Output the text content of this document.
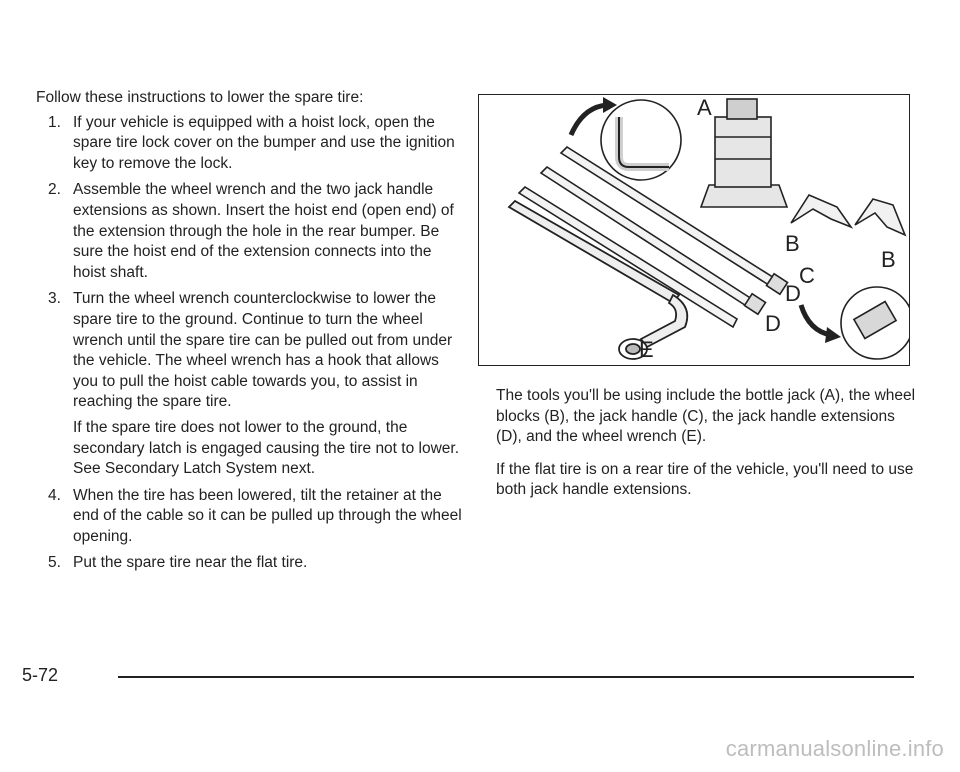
Follow these instructions to lower the spare tire:

1. If your vehicle is equipped with a hoist lock, open the spare tire lock cover on the bumper and use the ignition key to remove the lock.
2. Assemble the wheel wrench and the two jack handle extensions as shown. Insert the hoist end (open end) of the extension through the hole in the rear bumper. Be sure the hoist end of the extension connects into the hoist shaft.
3. Turn the wheel wrench counterclockwise to lower the spare tire to the ground. Continue to turn the wheel wrench until the spare tire can be pulled out from under the vehicle. The wheel wrench has a hook that allows you to pull the hoist cable towards you, to assist in reaching the spare tire.
If the spare tire does not lower to the ground, the secondary latch is engaged causing the tire not to lower. See Secondary Latch System next.
4. When the tire has been lowered, tilt the retainer at the end of the cable so it can be pulled up through the wheel opening.
5. Put the spare tire near the flat tire.
A
B
B
C
D
D
E

The tools you'll be using include the bottle jack (A), the wheel blocks (B), the jack handle (C), the jack handle extensions (D), and the wheel wrench (E).

If the flat tire is on a rear tire of the vehicle, you'll need to use both jack handle extensions.

5-72
carmanualsonline.info
